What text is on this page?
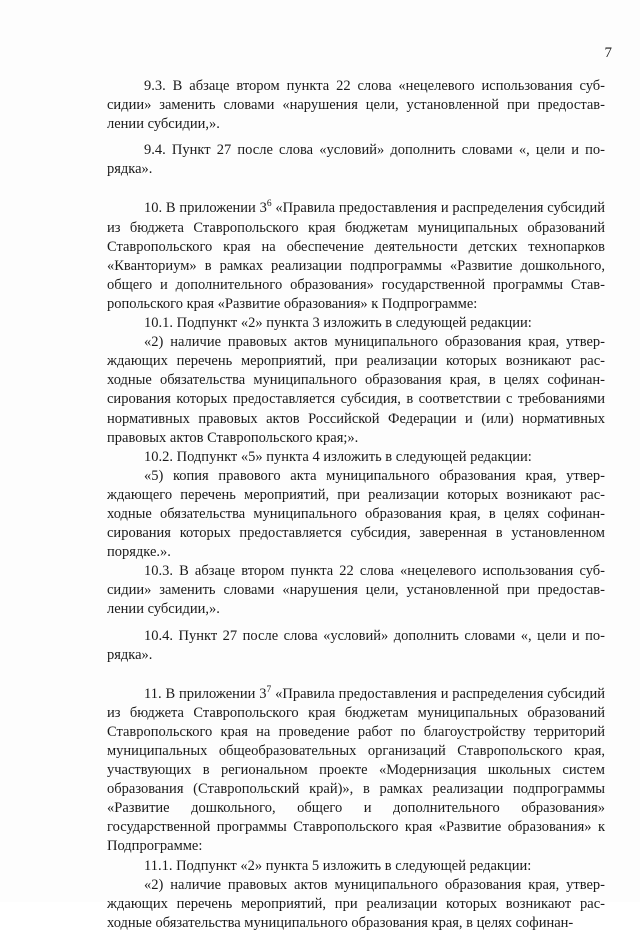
7

9.3. В абзаце втором пункта 22 слова «нецелевого использования субсидии» заменить словами «нарушения цели, установленной при предоставлении субсидии,».

9.4. Пункт 27 после слова «условий» дополнить словами «, цели и порядка».

10. В приложении $3^6$ «Правила предоставления и распределения субсидий из бюджета Ставропольского края бюджетам муниципальных образований Ставропольского края на обеспечение деятельности детских технопарков «Кванториум» в рамках реализации подпрограммы «Развитие дошкольного, общего и дополнительного образования» государственной программы Ставропольского края «Развитие образования» к Подпрограмме:

10.1. Подпункт «2» пункта 3 изложить в следующей редакции:

«2) наличие правовых актов муниципального образования края, утверждающих перечень мероприятий, при реализации которых возникают расходные обязательства муниципального образования края, в целях софинансирования которых предоставляется субсидия, в соответствии с требованиями нормативных правовых актов Российской Федерации и (или) нормативных правовых актов Ставропольского края;».

10.2. Подпункт «5» пункта 4 изложить в следующей редакции:

«5) копия правового акта муниципального образования края, утверждающего перечень мероприятий, при реализации которых возникают расходные обязательства муниципального образования края, в целях софинансирования которых предоставляется субсидия, заверенная в установленном порядке.».

10.3. В абзаце втором пункта 22 слова «нецелевого использования субсидии» заменить словами «нарушения цели, установленной при предоставлении субсидии,».

10.4. Пункт 27 после слова «условий» дополнить словами «, цели и порядка».

11. В приложении $3^7$ «Правила предоставления и распределения субсидий из бюджета Ставропольского края бюджетам муниципальных образований Ставропольского края на проведение работ по благоустройству территорий муниципальных общеобразовательных организаций Ставропольского края, участвующих в региональном проекте «Модернизация школьных систем образования (Ставропольский край)», в рамках реализации подпрограммы «Развитие дошкольного, общего и дополнительного образования» государственной программы Ставропольского края «Развитие образования» к Подпрограмме:

11.1. Подпункт «2» пункта 5 изложить в следующей редакции:

«2) наличие правовых актов муниципального образования края, утверждающих перечень мероприятий, при реализации которых возникают расходные обязательства муниципального образования края, в целях софинан-
